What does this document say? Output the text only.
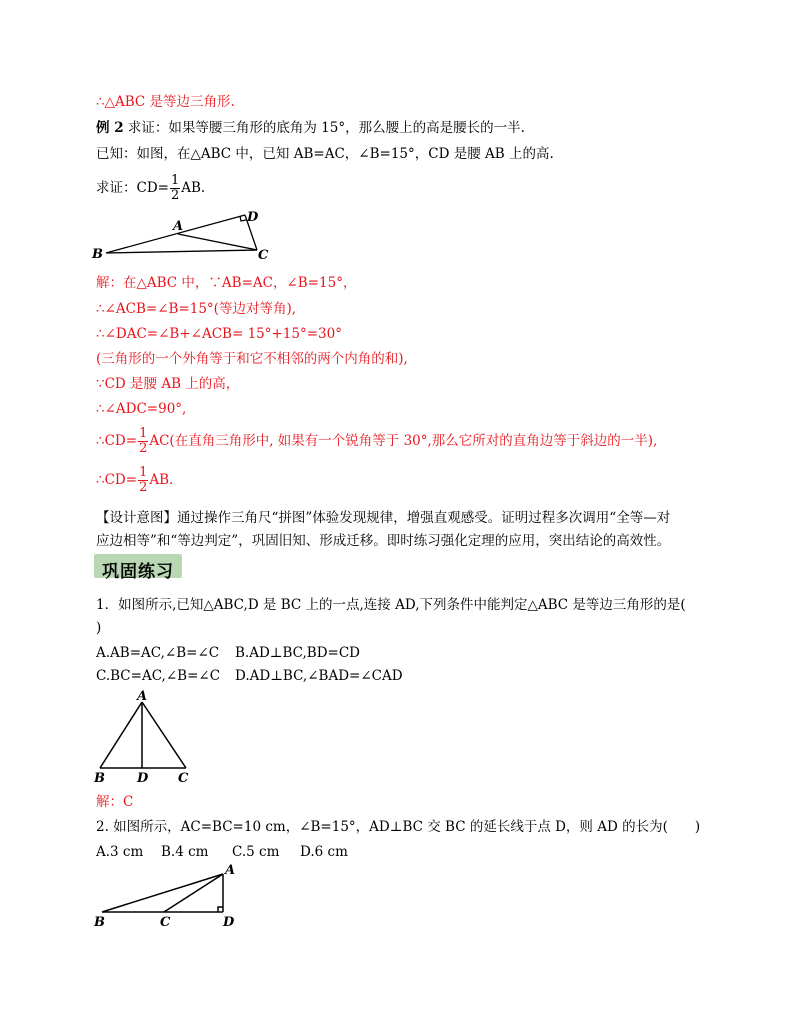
∴△ABC 是等边三角形.
例 2 求证：如果等腰三角形的底角为 15°，那么腰上的高是腰长的一半.
已知：如图，在△ABC 中，已知 AB=AC，∠B=15°，CD 是腰 AB 上的高.
求证：$CD= \frac{1}{2}$ AB.
B
A
D
C
解：在△ABC 中，∵AB=AC，∠B=15°，
∴∠ACB=∠B=15°(等边对等角),
∴∠DAC=∠B+∠ACB= 15°+15°=30°
(三角形的一个外角等于和它不相邻的两个内角的和),
∵CD 是腰 AB 上的高，
∴∠ADC=90°,
∴CD= $\frac{1}{2} AC$(在直角三角形中, 如果有一个锐角等于 30°,那么它所对的直角边等于斜边的一半),
∴CD= $\frac{1}{2}$ AB.
【设计意图】通过操作三角尺“拼图”体验发现规律，增强直观感受。证明过程多次调用“全等—对
应边相等”和“等边判定”，巩固旧知、形成迁移。即时练习强化定理的应用，突出结论的高效性。
巩固练习
1．如图所示,已知△ABC,D 是 BC 上的一点,连接 AD,下列条件中能判定△ABC 是等边三角形的是(
)
A.AB=AC,∠B=∠C B.AD⊥BC,BD=CD
C.BC=AC,∠B=∠C D.AD⊥BC,∠BAD=∠CAD
A
B D C
解：C
2. 如图所示，AC=BC=10 cm，∠B=15°，AD⊥BC 交 BC 的延长线于点 D，则 AD 的长为(　　)
A.3 cm B.4 cm C.5 cm D.6 cm
A
B	C	D
